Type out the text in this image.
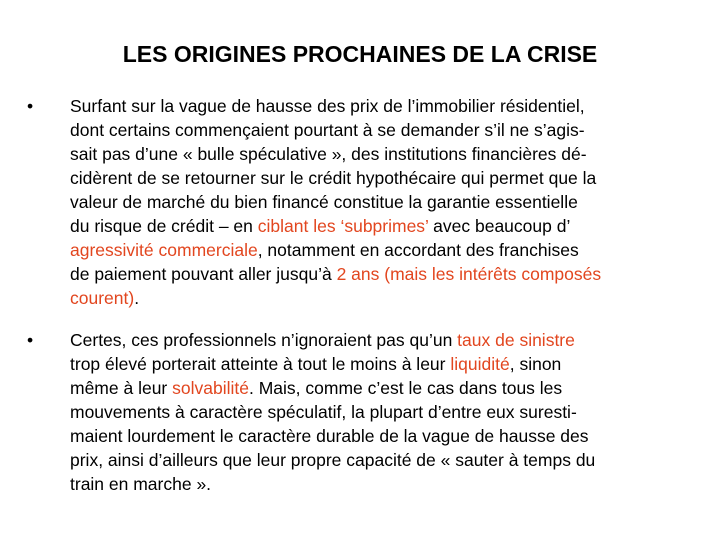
LES ORIGINES PROCHAINES DE LA CRISE
•	Surfant sur la vague de hausse des prix de l’immobilier résidentiel,
dont certains commençaient pourtant à se demander s’il ne s’agis-
sait pas d’une « bulle spéculative », des institutions financières dé-
cidèrent de se retourner sur le crédit hypothécaire qui permet que la
valeur de marché du bien financé constitue la garantie essentielle
du risque de crédit – en ciblant les ‘subprimes’ avec beaucoup d’
agressivité commerciale, notamment en accordant des franchises
de paiement pouvant aller jusqu’à 2 ans (mais les intérêts composés
courent).
•	Certes, ces professionnels n’ignoraient pas qu’un taux de sinistre
trop élevé porterait atteinte à tout le moins à leur liquidité, sinon
même à leur solvabilité. Mais, comme c’est le cas dans tous les
mouvements à caractère spéculatif, la plupart d’entre eux suresti-
maient lourdement le caractère durable de la vague de hausse des
prix, ainsi d’ailleurs que leur propre capacité de « sauter à temps du
train en marche ».
